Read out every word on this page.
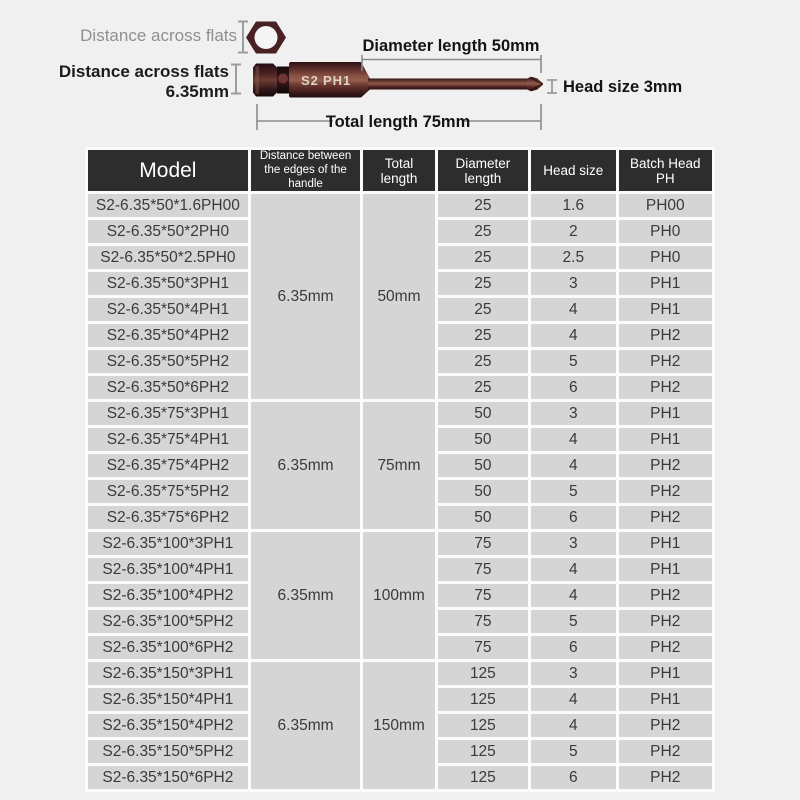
S2 PH1
Distance across flats
Distance across flats
6.35mm
Diameter length 50mm
Head size 3mm
Total length 75mm
Model	Distance between the edges of the handle	Total length	Diameter length	Head size	Batch Head PH
S2-6.35*50*1.6PH00	6.35mm	50mm	25	1.6	PH00
S2-6.35*50*2PH0			25	2	PH0
S2-6.35*50*2.5PH0			25	2.5	PH0
S2-6.35*50*3PH1			25	3	PH1
S2-6.35*50*4PH1			25	4	PH1
S2-6.35*50*4PH2			25	4	PH2
S2-6.35*50*5PH2			25	5	PH2
S2-6.35*50*6PH2			25	6	PH2
S2-6.35*75*3PH1	6.35mm	75mm	50	3	PH1
S2-6.35*75*4PH1			50	4	PH1
S2-6.35*75*4PH2			50	4	PH2
S2-6.35*75*5PH2			50	5	PH2
S2-6.35*75*6PH2			50	6	PH2
S2-6.35*100*3PH1	6.35mm	100mm	75	3	PH1
S2-6.35*100*4PH1			75	4	PH1
S2-6.35*100*4PH2			75	4	PH2
S2-6.35*100*5PH2			75	5	PH2
S2-6.35*100*6PH2			75	6	PH2
S2-6.35*150*3PH1	6.35mm	150mm	125	3	PH1
S2-6.35*150*4PH1			125	4	PH1
S2-6.35*150*4PH2			125	4	PH2
S2-6.35*150*5PH2			125	5	PH2
S2-6.35*150*6PH2			125	6	PH2
